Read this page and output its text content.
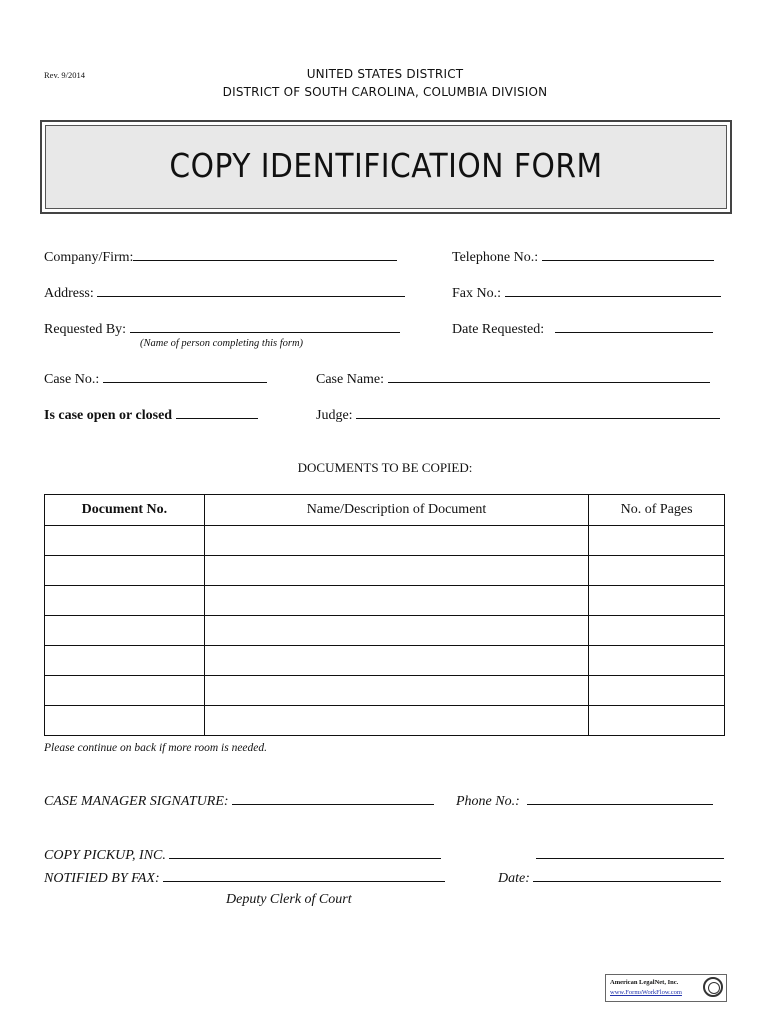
Rev. 9/2014	UNITED STATES DISTRICT
DISTRICT OF SOUTH CAROLINA, COLUMBIA DIVISION
COPY IDENTIFICATION FORM
Company/Firm:	Telephone No.:
Address:	Fax No.:
Requested By:
(Name of person completing this form)
Date Requested:
Case No.:	Case Name:
Is case open or closed	Judge:
DOCUMENTS TO BE COPIED:
Document No.	Name/Description of Document	No. of Pages

Please continue on back if more room is needed.
CASE MANAGER SIGNATURE:	Phone No.:
COPY PICKUP, INC.
NOTIFIED BY FAX:	Date:
Deputy Clerk of Court
American LegalNet, Inc.
www.FormsWorkFlow.com
